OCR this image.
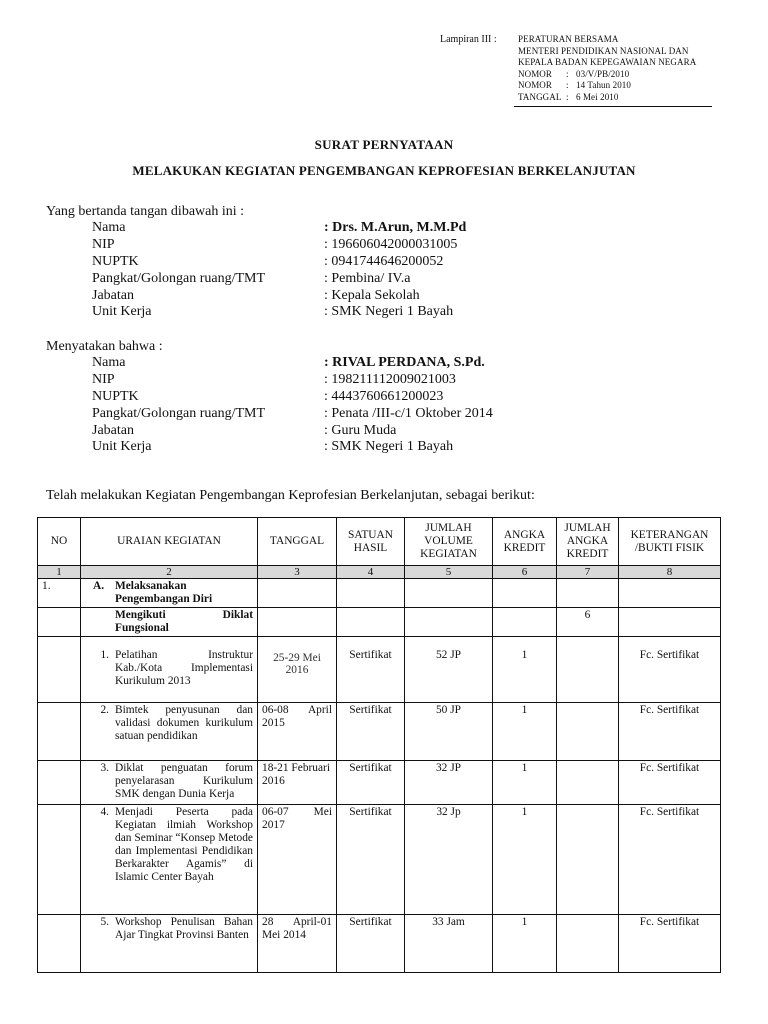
Lampiran III : PERATURAN BERSAMA
MENTERI PENDIDIKAN NASIONAL DAN
KEPALA BADAN KEPEGAWAIAN NEGARA
NOMOR : 03/V/PB/2010
NOMOR : 14 Tahun 2010
TANGGAL : 6 Mei 2010
SURAT PERNYATAAN
MELAKUKAN KEGIATAN PENGEMBANGAN KEPROFESIAN BERKELANJUTAN
Yang bertanda tangan dibawah ini :
Nama	: Drs. M.Arun, M.M.Pd
NIP	: 196606042000031005
NUPTK	: 0941744646200052
Pangkat/Golongan ruang/TMT	: Pembina/ IV.a
Jabatan	: Kepala Sekolah
Unit Kerja	: SMK Negeri 1 Bayah
Menyatakan bahwa :
Nama	: RIVAL PERDANA, S.Pd.
NIP	: 198211112009021003
NUPTK	: 4443760661200023
Pangkat/Golongan ruang/TMT	: Penata /III-c/1 Oktober 2014
Jabatan	: Guru Muda
Unit Kerja	: SMK Negeri 1 Bayah
Telah melakukan Kegiatan Pengembangan Keprofesian Berkelanjutan, sebagai berikut:
NO	URAIAN KEGIATAN	TANGGAL	SATUAN HASIL	JUMLAH VOLUME KEGIATAN	ANGKA KREDIT	JUMLAH ANGKA KREDIT	KETERANGAN /BUKTI FISIK
1	2	3	4	5	6	7	8
1.	A. Melaksanakan Pengembangan Diri						

	Mengikuti Diklat Fungsional					6	

	1. Pelatihan Instruktur Kab./Kota Implementasi Kurikulum 2013	25-29 Mei 2016	Sertifikat	52 JP	1		Fc. Sertifikat

	2. Bimtek penyusunan dan validasi dokumen kurikulum satuan pendidikan	06-08 April 2015	Sertifikat	50 JP	1		Fc. Sertifikat

	3. Diklat penguatan forum penyelarasan Kurikulum SMK dengan Dunia Kerja	18-21 Februari 2016	Sertifikat	32 JP	1		Fc. Sertifikat

	4. Menjadi Peserta pada Kegiatan ilmiah Workshop dan Seminar “Konsep Metode dan Implementasi Pendidikan Berkarakter Agamis” di Islamic Center Bayah	06-07 Mei 2017	Sertifikat	32 Jp	1		Fc. Sertifikat

	5. Workshop Penulisan Bahan Ajar Tingkat Provinsi Banten	28 April-01 Mei 2014	Sertifikat	33 Jam	1		Fc. Sertifikat
